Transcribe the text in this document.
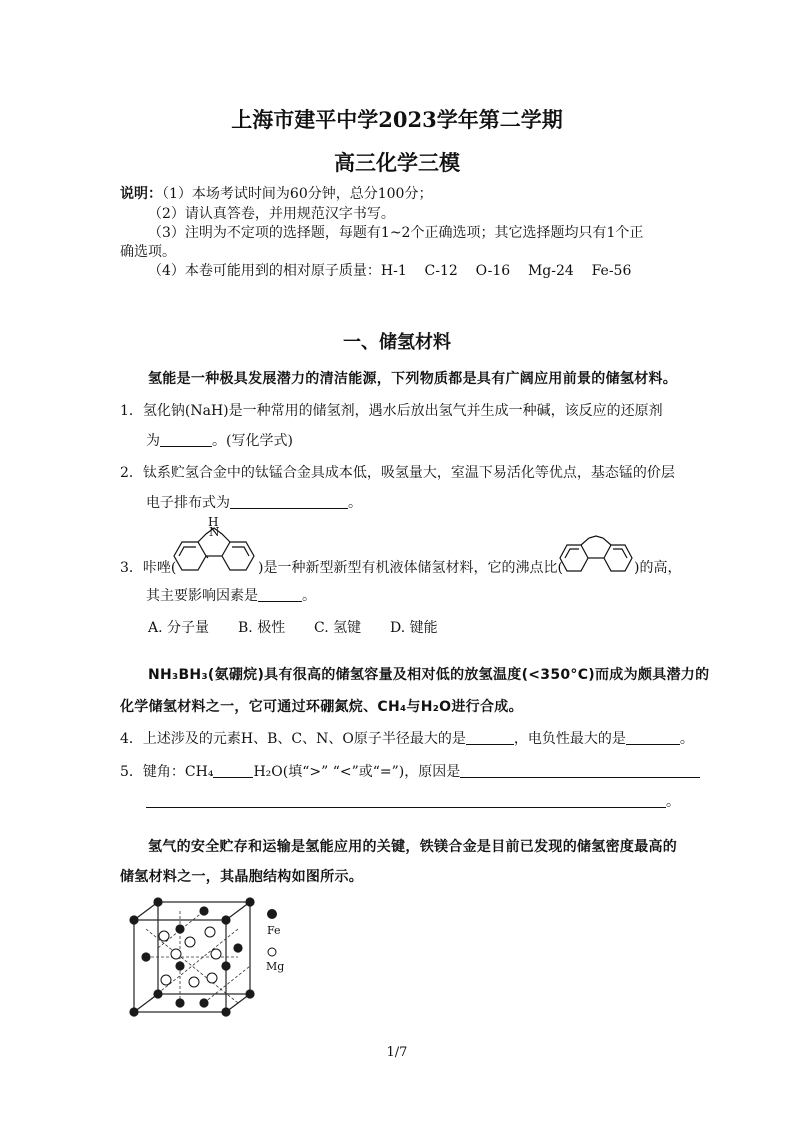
上海市建平中学2023学年第二学期
高三化学三模
说明：（1）本场考试时间为60分钟，总分100分；
（2）请认真答卷，并用规范汉字书写。
（3）注明为不定项的选择题，每题有1~2个正确选项；其它选择题均只有1个正
确选项。
（4）本卷可能用到的相对原子质量：H-1    C-12    O-16    Mg-24    Fe-56
一、储氢材料
氢能是一种极具发展潜力的清洁能源，下列物质都是具有广阔应用前景的储氢材料。
1．氢化钠(NaH)是一种常用的储氢剂，遇水后放出氢气并生成一种碱，该反应的还原剂
为	。(写化学式)
2．钛系贮氢合金中的钛锰合金具成本低，吸氢量大，室温下易活化等优点，基态锰的价层
电子排布式为	。
3．咔唑(
H
N
)是一种新型新型有机液体储氢材料，它的沸点比(	)的高，
其主要影响因素是	。
A. 分子量 B. 极性 C. 氢键 D. 键能
NH₃BH₃(氨硼烷)具有很高的储氢容量及相对低的放氢温度(<350°C)而成为颇具潜力的
化学储氢材料之一，它可通过环硼氮烷、CH₄与H₂O进行合成。
4．上述涉及的元素H、B、C、N、O原子半径最大的是	，电负性最大的是	。
5．键角：CH₄	H₂O(填“>” “<”或“=”)，原因是
。
氢气的安全贮存和运输是氢能应用的关键，铁镁合金是目前已发现的储氢密度最高的
储氢材料之一，其晶胞结构如图所示。
Fe
Mg
1/7
